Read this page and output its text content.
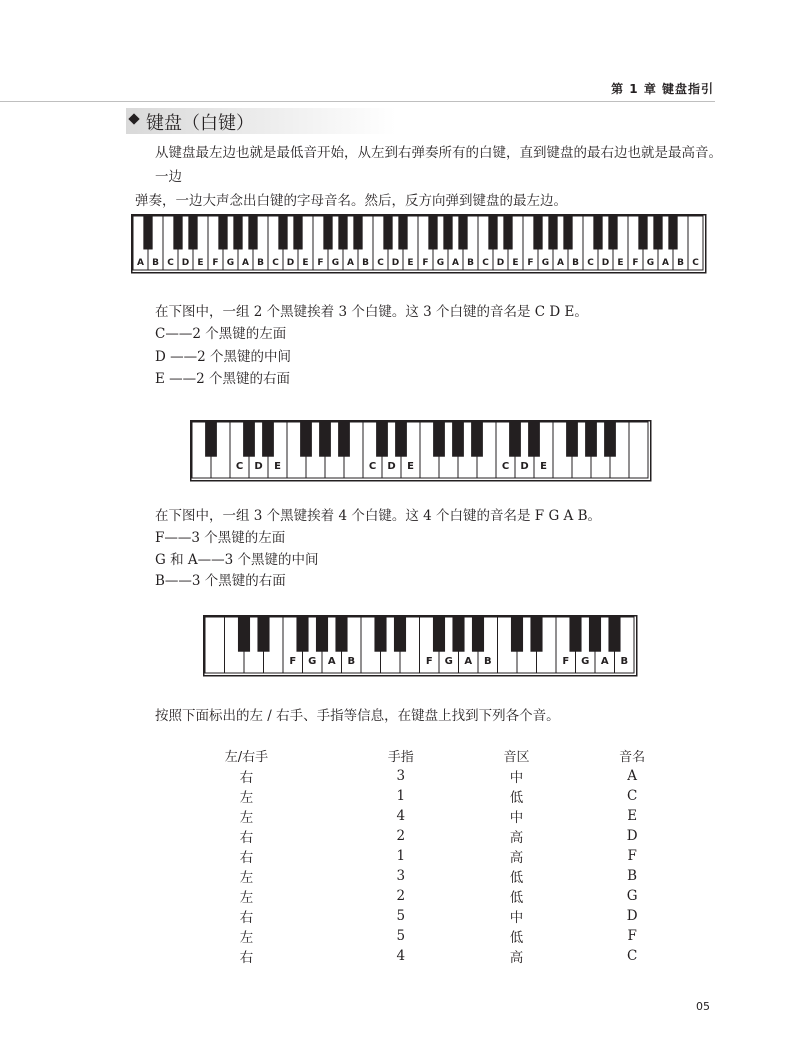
第 1 章 键盘指引
键盘（白键）
从键盘最左边也就是最低音开始，从左到右弹奏所有的白键，直到键盘的最右边也就是最高音。一边
弹奏，一边大声念出白键的字母音名。然后，反方向弹到键盘的最左边。
A B C D E F G A B C D E F G A B C D E F G A B C D E F G A B C D E F G A B C
在下图中，一组 2 个黑键挨着 3 个白键。这 3 个白键的音名是 C D E。
C——2 个黑键的左面
D ——2 个黑键的中间
E ——2 个黑键的右面
C D E	C D E	C D E
在下图中，一组 3 个黑键挨着 4 个白键。这 4 个白键的音名是 F G A B。
F——3 个黑键的左面
G 和 A——3 个黑键的中间
B——3 个黑键的右面
F G A B	F G A B	F G A B
按照下面标出的左 / 右手、手指等信息，在键盘上找到下列各个音。
左/右手	手指	音区	音名
右	3	中	A
左	1	低	C
左	4	中	E
右	2	高	D
右	1	高	F
左	3	低	B
左	2	低	G
右	5	中	D
左	5	低	F
右	4	高	C
05
